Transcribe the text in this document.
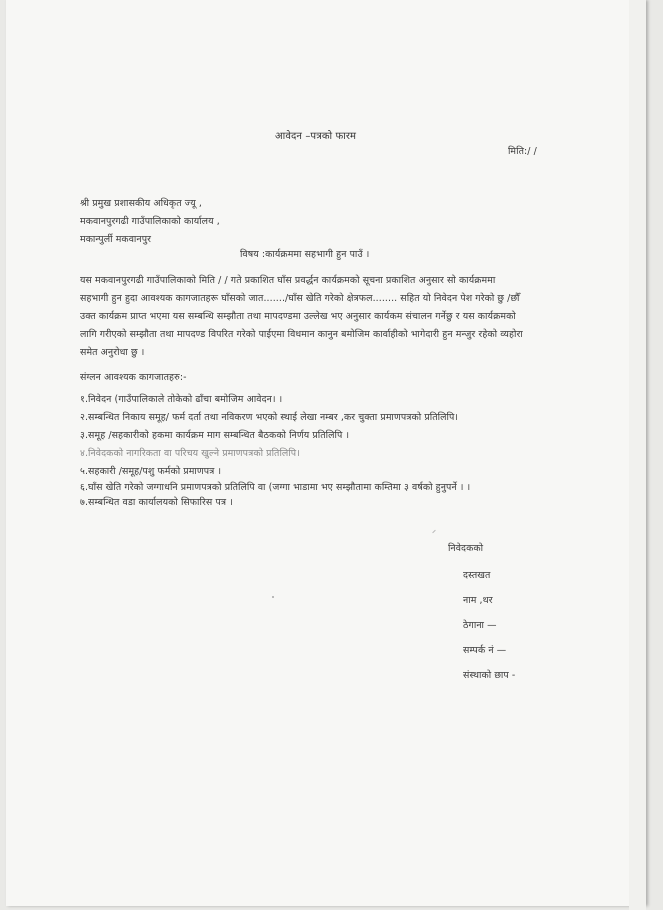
आवेदन –पत्रको फारम
मिति:/ /
श्री प्रमुख प्रशासकीय अधिकृत ज्यू ,
मकवानपुरगढी गाउँपालिकाको कार्यालय ,
मकान्पुर्ली मकवानपुर
विषय :कार्यक्रममा सहभागी हुन पाउँ ।
यस मकवानपुरगढी गाउँपालिकाको मिति / / गते प्रकाशित घाँस प्रवर्द्धन कार्यक्रमको सूचना प्रकाशित अनुसार सो कार्यक्रममा
सहभागी हुन हुदा आवश्यक कागजातहरू घाँसको जात......./घाँस खेति गरेको क्षेत्रफल........ सहित यो निवेदन पेश गरेको छु /छौँ
उक्त कार्यक्रम प्राप्त भएमा यस सम्बन्धि सम्झौता तथा मापदण्डमा उल्लेख भए अनुसार कार्यकम संचालन गर्नेछु र यस कार्यक्रमको
लागि गरीएको सम्झौता तथा मापदण्ड विपरित गरेको पाईएमा विधमान कानुन बमोजिम कार्वाहीको भागेदारी हुन मन्जुर रहेको व्यहोरा
समेत अनुरोधा छु ।
संग्लन आवश्यक कागजातहरु:-
१.निवेदन (गाउँपालिकाले तोकेको ढाँचा बमोजिम आवेदन। ।
२.सम्बन्धित निकाय समूह/ फर्म दर्ता तथा नविकरण भएको स्थाई लेखा नम्बर ,कर चुक्ता प्रमाणपत्रको प्रतिलिपि।
३.समूह /सहकारीको हकमा कार्यक्रम माग सम्बन्धित बैठकको निर्णय प्रतिलिपि ।
४.निवेदकको नागरिकता वा परिचय खुल्ने प्रमाणपत्रको प्रतिलिपि।
५.सहकारी /समूह/पशु फर्मको प्रमाणपत्र ।
६.घाँस खेति गरेको जग्गाधनि प्रमाणपत्रको प्रतिलिपि वा (जग्गा भाडामा भए सम्झौतामा कम्तिमा ३ वर्षको हुनुपर्ने । ।
७.सम्बन्धित वडा कार्यालयको सिफारिस पत्र ।
निवेदकको
दस्तखत
नाम ,थर
ठेगाना —
सम्पर्क नं —
संस्थाको छाप -
